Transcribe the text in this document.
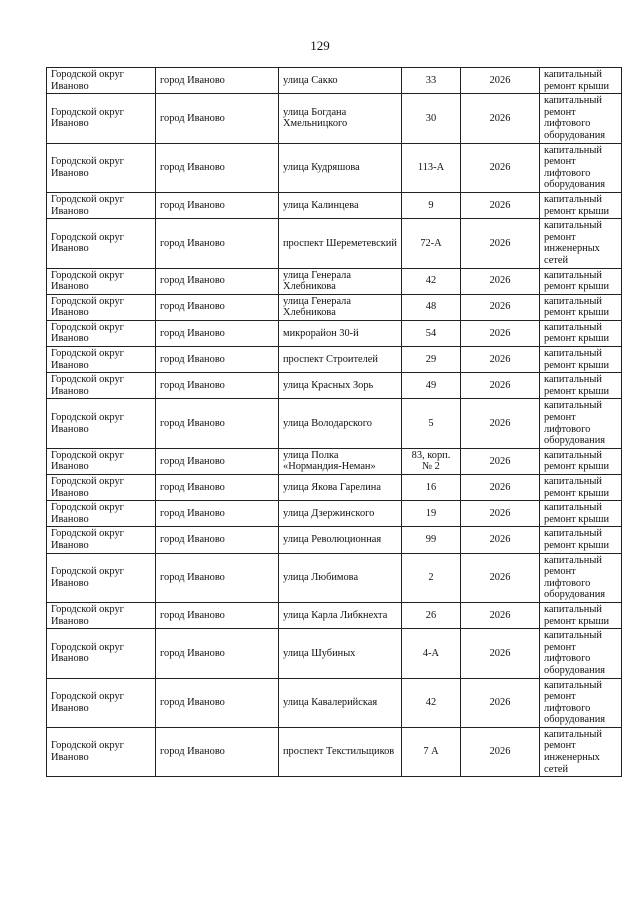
129
Городской округ Иваново	город Иваново	улица Сакко	33	2026	капитальный ремонт крыши
Городской округ Иваново	город Иваново	улица Богдана Хмельницкого	30	2026	капитальный ремонт лифтового оборудования
Городской округ Иваново	город Иваново	улица Кудряшова	113-А	2026	капитальный ремонт лифтового оборудования
Городской округ Иваново	город Иваново	улица Калинцева	9	2026	капитальный ремонт крыши
Городской округ Иваново	город Иваново	проспект Шереметевский	72-А	2026	капитальный ремонт инженерных сетей
Городской округ Иваново	город Иваново	улица Генерала Хлебникова	42	2026	капитальный ремонт крыши
Городской округ Иваново	город Иваново	улица Генерала Хлебникова	48	2026	капитальный ремонт крыши
Городской округ Иваново	город Иваново	микрорайон 30-й	54	2026	капитальный ремонт крыши
Городской округ Иваново	город Иваново	проспект Строителей	29	2026	капитальный ремонт крыши
Городской округ Иваново	город Иваново	улица Красных Зорь	49	2026	капитальный ремонт крыши
Городской округ Иваново	город Иваново	улица Володарского	5	2026	капитальный ремонт лифтового оборудования
Городской округ Иваново	город Иваново	улица Полка «Нормандия-Неман»	83, корп. № 2	2026	капитальный ремонт крыши
Городской округ Иваново	город Иваново	улица Якова Гарелина	16	2026	капитальный ремонт крыши
Городской округ Иваново	город Иваново	улица Дзержинского	19	2026	капитальный ремонт крыши
Городской округ Иваново	город Иваново	улица Революционная	99	2026	капитальный ремонт крыши
Городской округ Иваново	город Иваново	улица Любимова	2	2026	капитальный ремонт лифтового оборудования
Городской округ Иваново	город Иваново	улица Карла Либкнехта	26	2026	капитальный ремонт крыши
Городской округ Иваново	город Иваново	улица Шубиных	4-А	2026	капитальный ремонт лифтового оборудования
Городской округ Иваново	город Иваново	улица Кавалерийская	42	2026	капитальный ремонт лифтового оборудования
Городской округ Иваново	город Иваново	проспект Текстильщиков	7 А	2026	капитальный ремонт инженерных сетей
